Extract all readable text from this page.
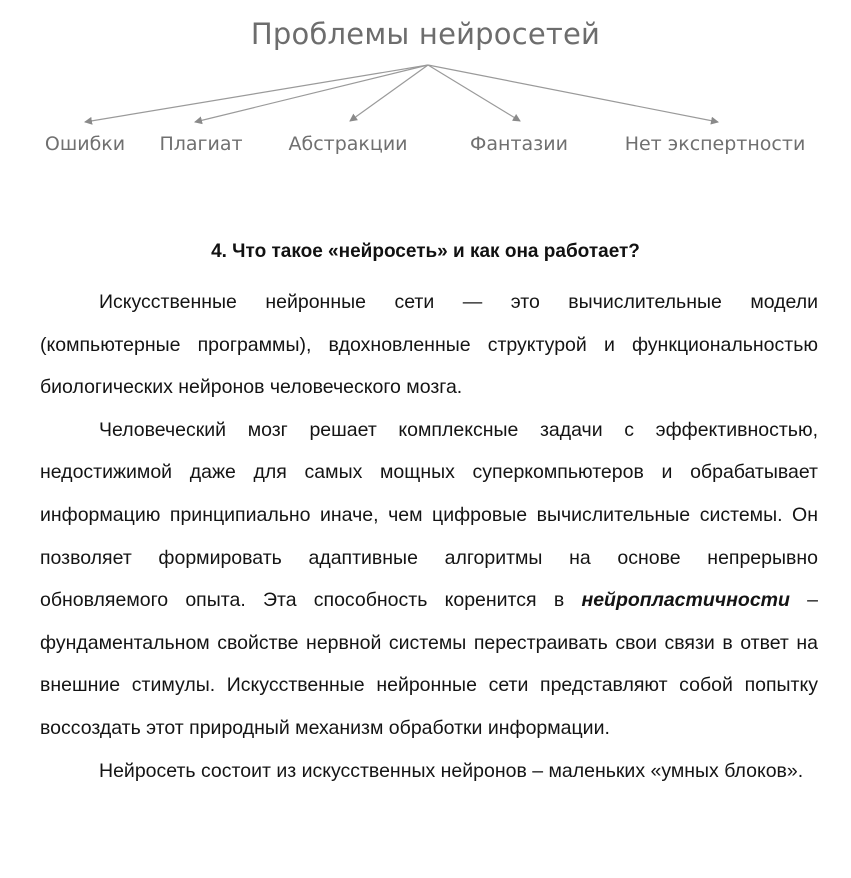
Проблемы нейросетей
Ошибки Плагиат Абстракции	Фантазии	Нет экспертности
4. Что такое «нейросеть» и как она работает?

Искусственные нейронные сети — это вычислительные модели (компьютерные программы), вдохновленные структурой и функциональностью биологических нейронов человеческого мозга.

Человеческий мозг решает комплексные задачи с эффективностью, недостижимой даже для самых мощных суперкомпьютеров и обрабатывает информацию принципиально иначе, чем цифровые вычислительные системы. Он позволяет формировать адаптивные алгоритмы на основе непрерывно обновляемого опыта. Эта способность коренится в нейропластичности – фундаментальном свойстве нервной системы перестраивать свои связи в ответ на внешние стимулы. Искусственные нейронные сети представляют собой попытку воссоздать этот природный механизм обработки информации.

Нейросеть состоит из искусственных нейронов – маленьких «умных блоков».
